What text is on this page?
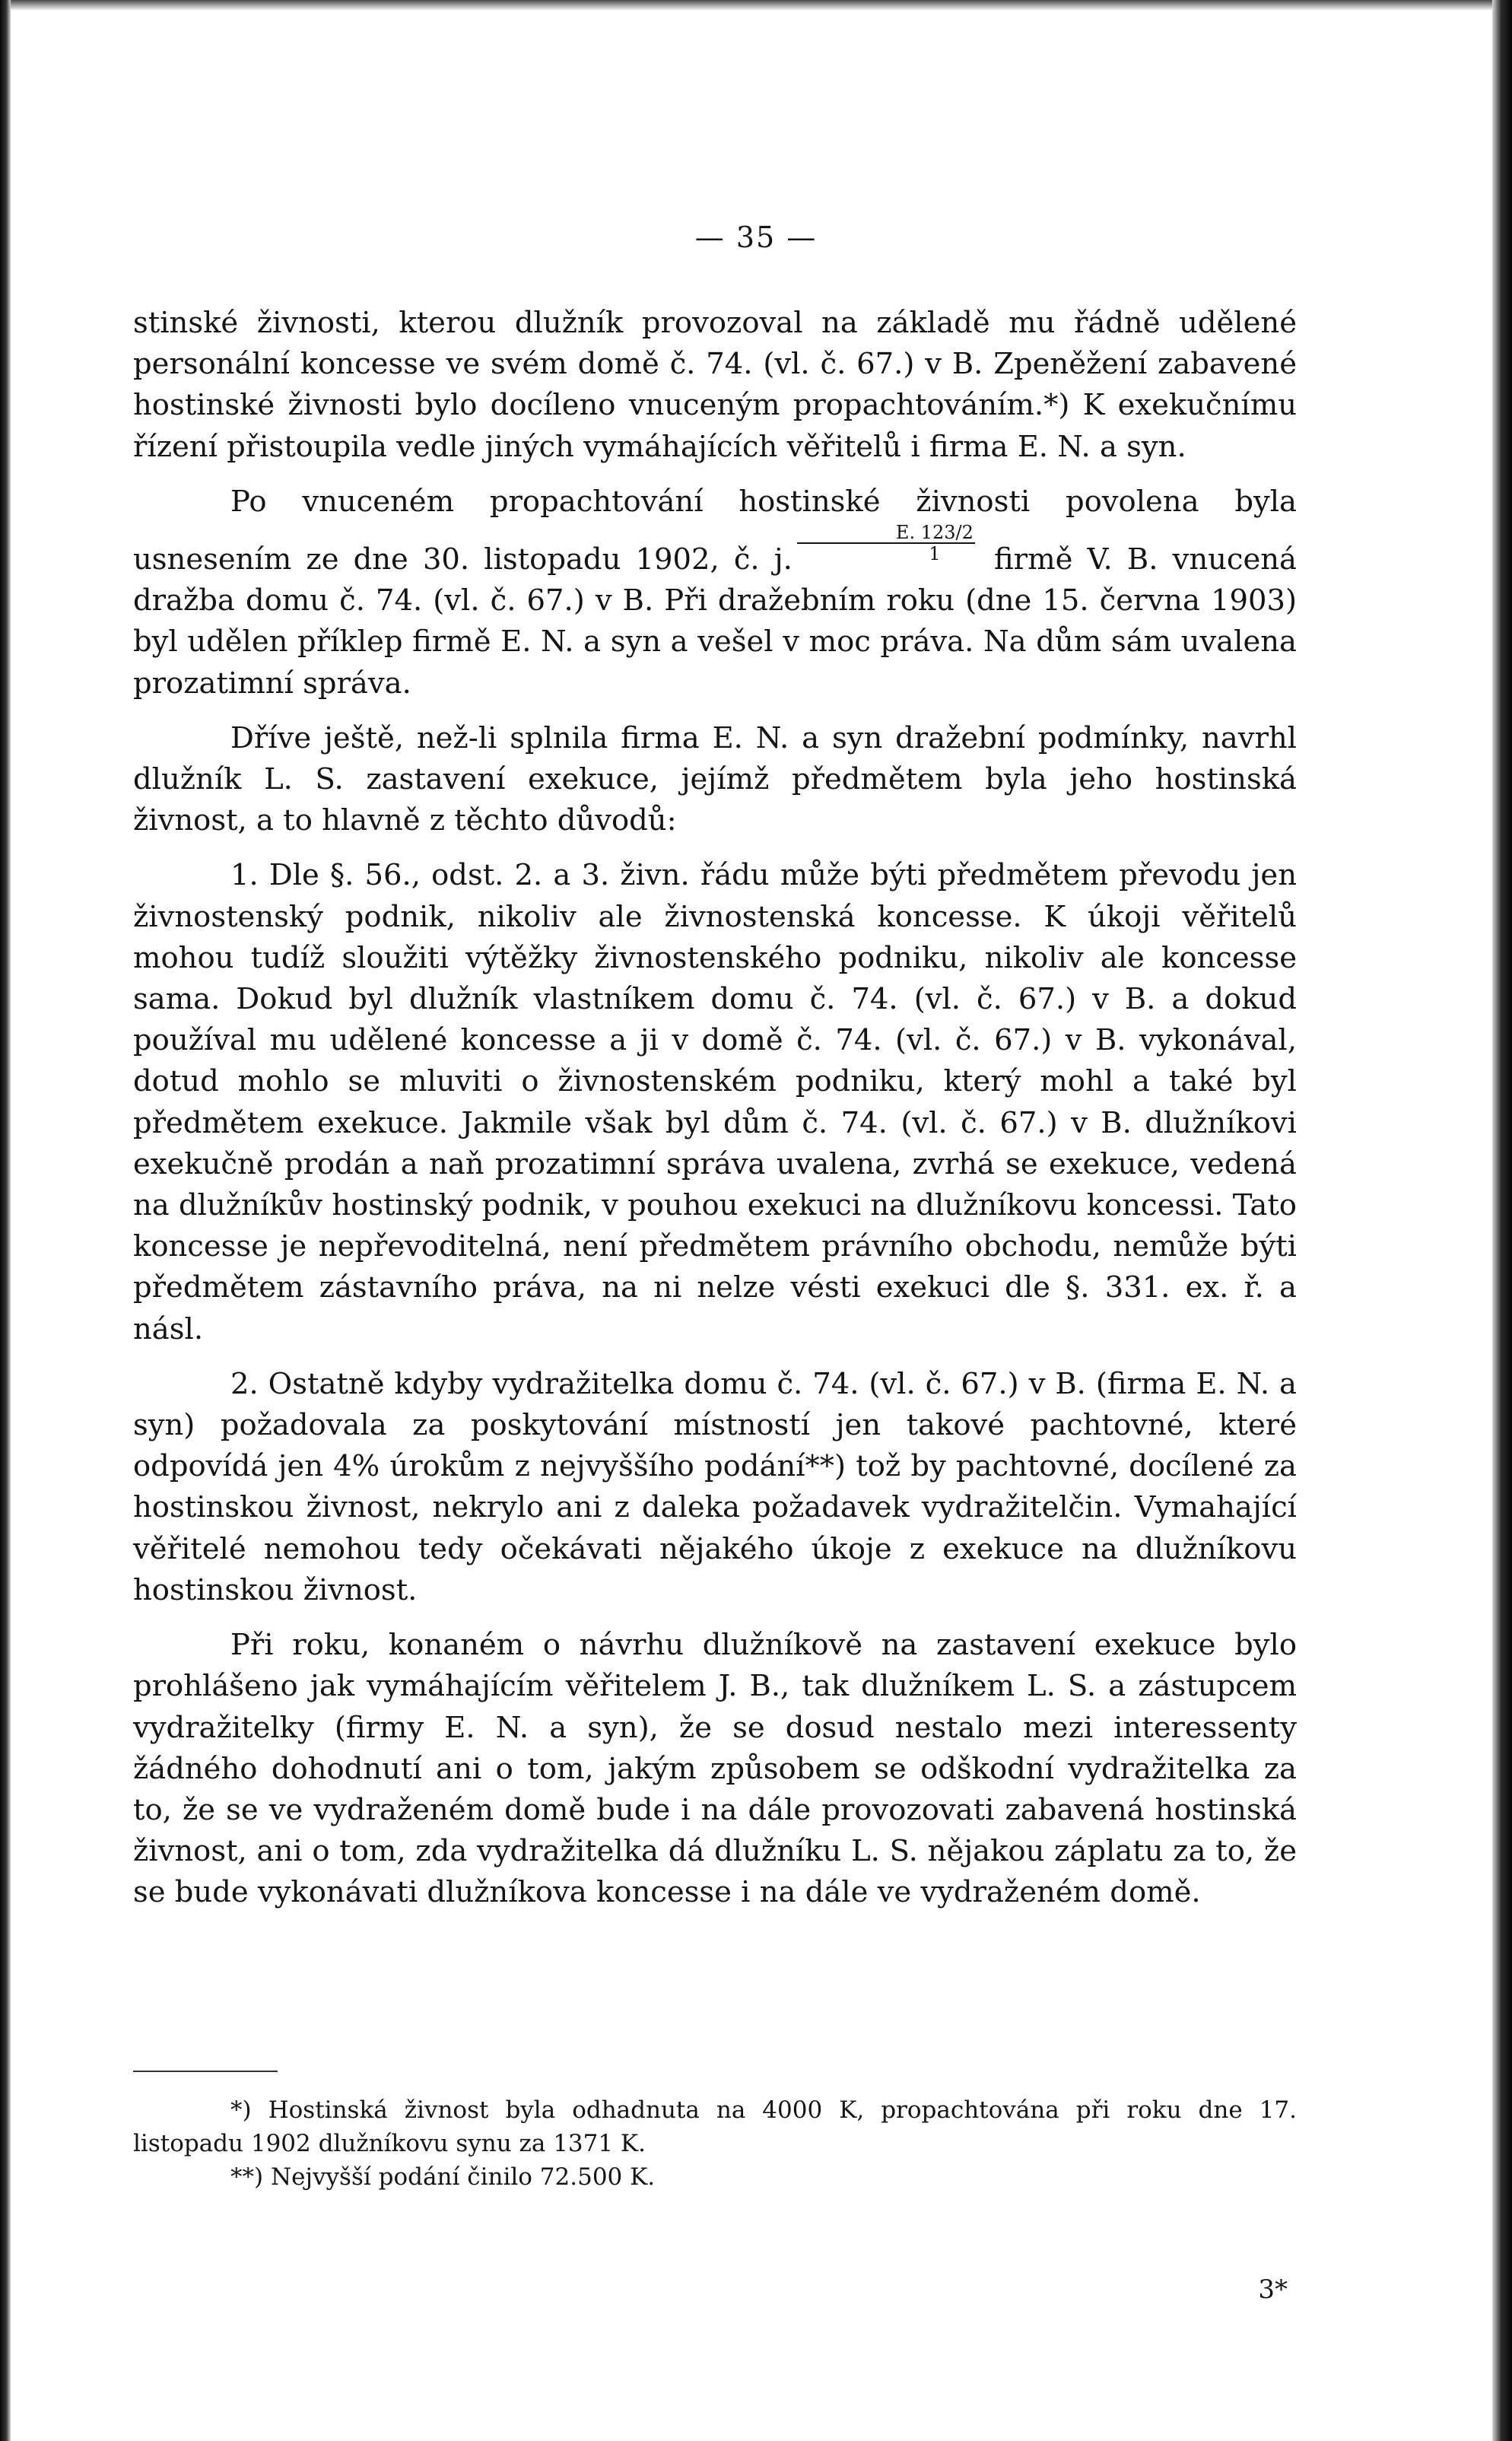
— 35 —

stinské živnosti, kterou dlužník provozoval na základě mu řádně udělené personální koncesse ve svém domě č. 74. (vl. č. 67.) v B. Zpeněžení zabavené hostinské živnosti bylo docíleno vnuceným propachtováním.*) K exekučnímu řízení přistoupila vedle jiných vymáhajících věřitelů i firma E. N. a syn.

Po vnuceném propachtování hostinské živnosti povolena byla usnesením ze dne 30. listopadu 1902, č. j. $\frac{E. 123/2}{1}$ firmě V. B. vnucená dražba domu č. 74. (vl. č. 67.) v B. Při dražebním roku (dne 15. června 1903) byl udělen příklep firmě E. N. a syn a vešel v moc práva. Na dům sám uvalena prozatimní správa.

Dříve ještě, než-li splnila firma E. N. a syn dražební podmínky, navrhl dlužník L. S. zastavení exekuce, jejímž předmětem byla jeho hostinská živnost, a to hlavně z těchto důvodů:

1. Dle §. 56., odst. 2. a 3. živn. řádu může býti předmětem převodu jen živnostenský podnik, nikoliv ale živnostenská koncesse. K úkoji věřitelů mohou tudíž sloužiti výtěžky živnostenského podniku, nikoliv ale koncesse sama. Dokud byl dlužník vlastníkem domu č. 74. (vl. č. 67.) v B. a dokud používal mu udělené koncesse a ji v domě č. 74. (vl. č. 67.) v B. vykonával, dotud mohlo se mluviti o živnostenském podniku, který mohl a také byl předmětem exekuce. Jakmile však byl dům č. 74. (vl. č. 67.) v B. dlužníkovi exekučně prodán a naň prozatimní správa uvalena, zvrhá se exekuce, vedená na dlužníkův hostinský podnik, v pouhou exekuci na dlužníkovu koncessi. Tato koncesse je nepřevoditelná, není předmětem právního obchodu, nemůže býti předmětem zástavního práva, na ni nelze vésti exekuci dle §. 331. ex. ř. a násl.

2. Ostatně kdyby vydražitelka domu č. 74. (vl. č. 67.) v B. (firma E. N. a syn) požadovala za poskytování místností jen takové pachtovné, které odpovídá jen 4% úrokům z nejvyššího podání**) tož by pachtovné, docílené za hostinskou živnost, nekrylo ani z daleka požadavek vydražitelčin. Vymahající věřitelé nemohou tedy očekávati nějakého úkoje z exekuce na dlužníkovu hostinskou živnost.

Při roku, konaném o návrhu dlužníkově na zastavení exekuce bylo prohlášeno jak vymáhajícím věřitelem J. B., tak dlužníkem L. S. a zástupcem vydražitelky (firmy E. N. a syn), že se dosud nestalo mezi interessenty žádného dohodnutí ani o tom, jakým způsobem se odškodní vydražitelka za to, že se ve vydraženém domě bude i na dále provozovati zabavená hostinská živnost, ani o tom, zda vydražitelka dá dlužníku L. S. nějakou záplatu za to, že se bude vykonávati dlužníkova koncesse i na dále ve vydraženém domě.

*) Hostinská živnost byla odhadnuta na 4000 K, propachtována při roku dne 17. listopadu 1902 dlužníkovu synu za 1371 K.

**) Nejvyšší podání činilo 72.500 K.

3*
